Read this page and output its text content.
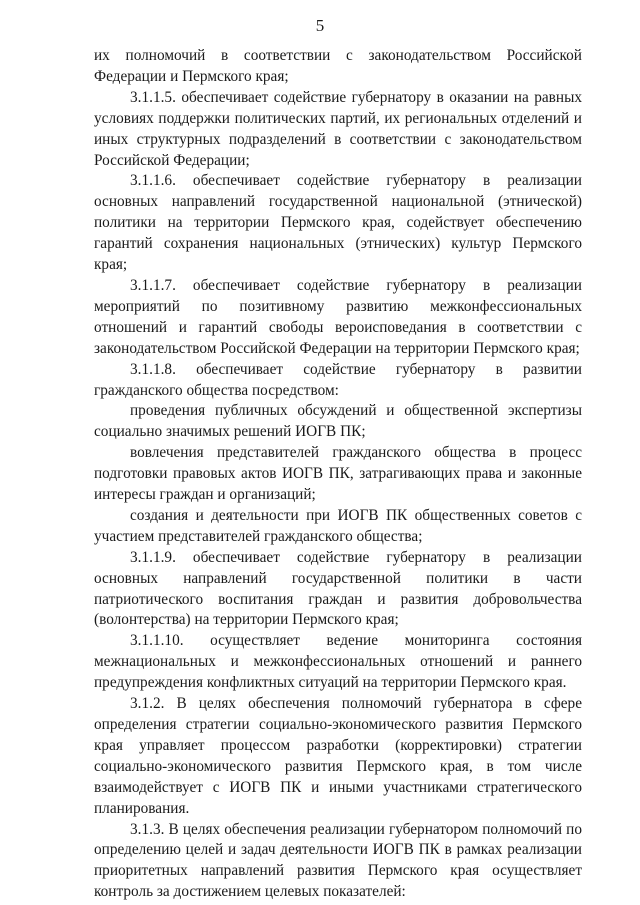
5

их полномочий в соответствии с законодательством Российской Федерации и Пермского края;

3.1.1.5. обеспечивает содействие губернатору в оказании на равных условиях поддержки политических партий, их региональных отделений и иных структурных подразделений в соответствии с законодательством Российской Федерации;

3.1.1.6. обеспечивает содействие губернатору в реализации основных направлений государственной национальной (этнической) политики на территории Пермского края, содействует обеспечению гарантий сохранения национальных (этнических) культур Пермского края;

3.1.1.7. обеспечивает содействие губернатору в реализации мероприятий по позитивному развитию межконфессиональных отношений и гарантий свободы вероисповедания в соответствии с законодательством Российской Федерации на территории Пермского края;

3.1.1.8. обеспечивает содействие губернатору в развитии гражданского общества посредством:

проведения публичных обсуждений и общественной экспертизы социально значимых решений ИОГВ ПК;

вовлечения представителей гражданского общества в процесс подготовки правовых актов ИОГВ ПК, затрагивающих права и законные интересы граждан и организаций;

создания и деятельности при ИОГВ ПК общественных советов с участием представителей гражданского общества;

3.1.1.9. обеспечивает содействие губернатору в реализации основных направлений государственной политики в части патриотического воспитания граждан и развития добровольчества (волонтерства) на территории Пермского края;

3.1.1.10. осуществляет ведение мониторинга состояния межнациональных и межконфессиональных отношений и раннего предупреждения конфликтных ситуаций на территории Пермского края.

3.1.2. В целях обеспечения полномочий губернатора в сфере определения стратегии социально-экономического развития Пермского края управляет процессом разработки (корректировки) стратегии социально-экономического развития Пермского края, в том числе взаимодействует с ИОГВ ПК и иными участниками стратегического планирования.

3.1.3. В целях обеспечения реализации губернатором полномочий по определению целей и задач деятельности ИОГВ ПК в рамках реализации приоритетных направлений развития Пермского края осуществляет контроль за достижением целевых показателей:
